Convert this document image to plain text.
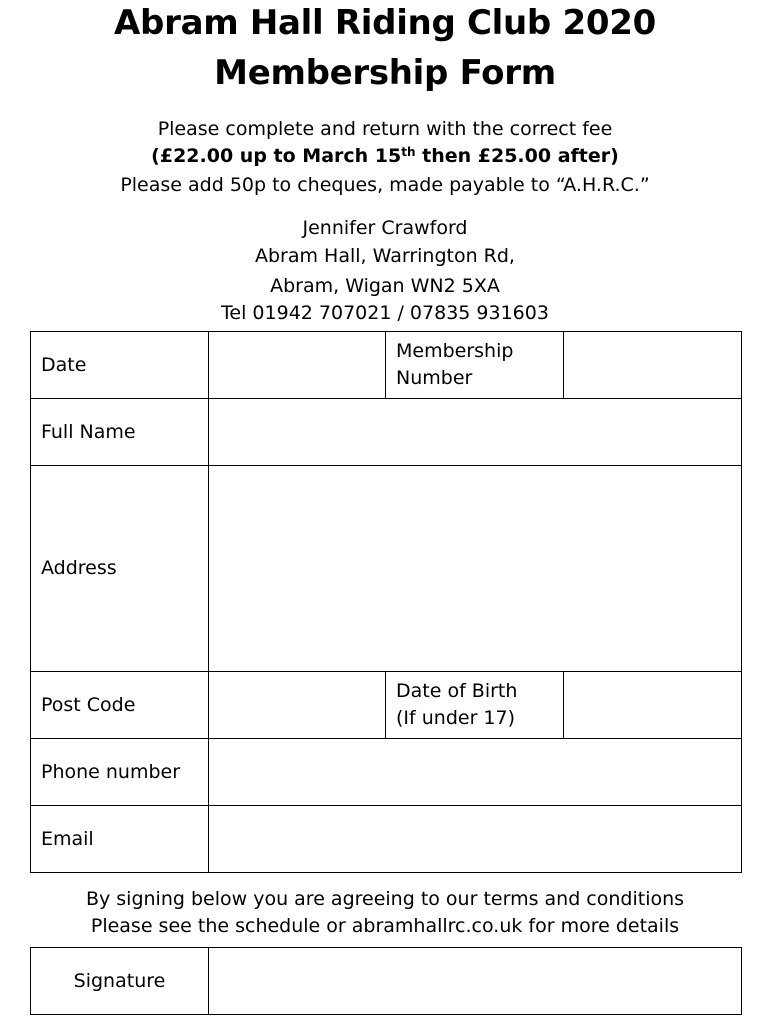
Abram Hall Riding Club 2020
Membership Form
Please complete and return with the correct fee
(£22.00 up to March 15th then £25.00 after)
Please add 50p to cheques, made payable to “A.H.R.C.”
Jennifer Crawford
Abram Hall, Warrington Rd,
Abram, Wigan WN2 5XA
Tel 01942 707021 / 07835 931603
Date		Membership
Number	
Full Name			
Address			
Post Code		Date of Birth
(If under 17)	
Phone number			
Email			
By signing below you are agreeing to our terms and conditions
Please see the schedule or abramhallrc.co.uk for more details
Signature	
